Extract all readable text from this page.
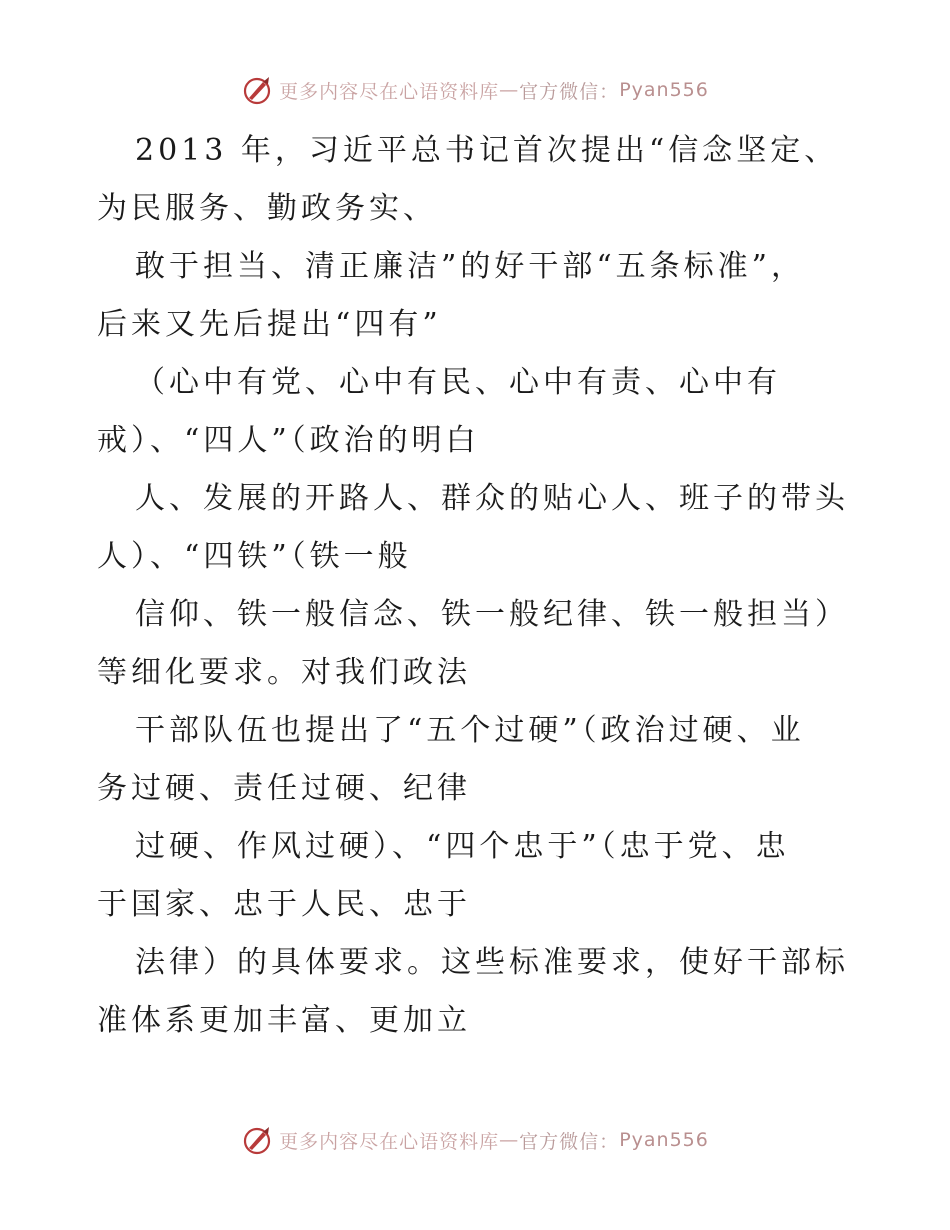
更多内容尽在心语资料库 — 官方微信： Pyan556
2013 年，习近平总书记首次提出“信念坚定、
为民服务、勤政务实、
敢于担当、清正廉洁”的好干部“五条标准”，
后来又先后提出“四有”
（心中有党、心中有民、心中有责、心中有
戒）、“四人”（政治的明白
人、发展的开路人、群众的贴心人、班子的带头
人）、“四铁”（铁一般
信仰、铁一般信念、铁一般纪律、铁一般担当）
等细化要求。对我们政法
干部队伍也提出了“五个过硬”（政治过硬、业
务过硬、责任过硬、纪律
过硬、作风过硬）、“四个忠于”（忠于党、忠
于国家、忠于人民、忠于
法律）的具体要求。这些标准要求，使好干部标
准体系更加丰富、更加立
更多内容尽在心语资料库 — 官方微信： Pyan556
